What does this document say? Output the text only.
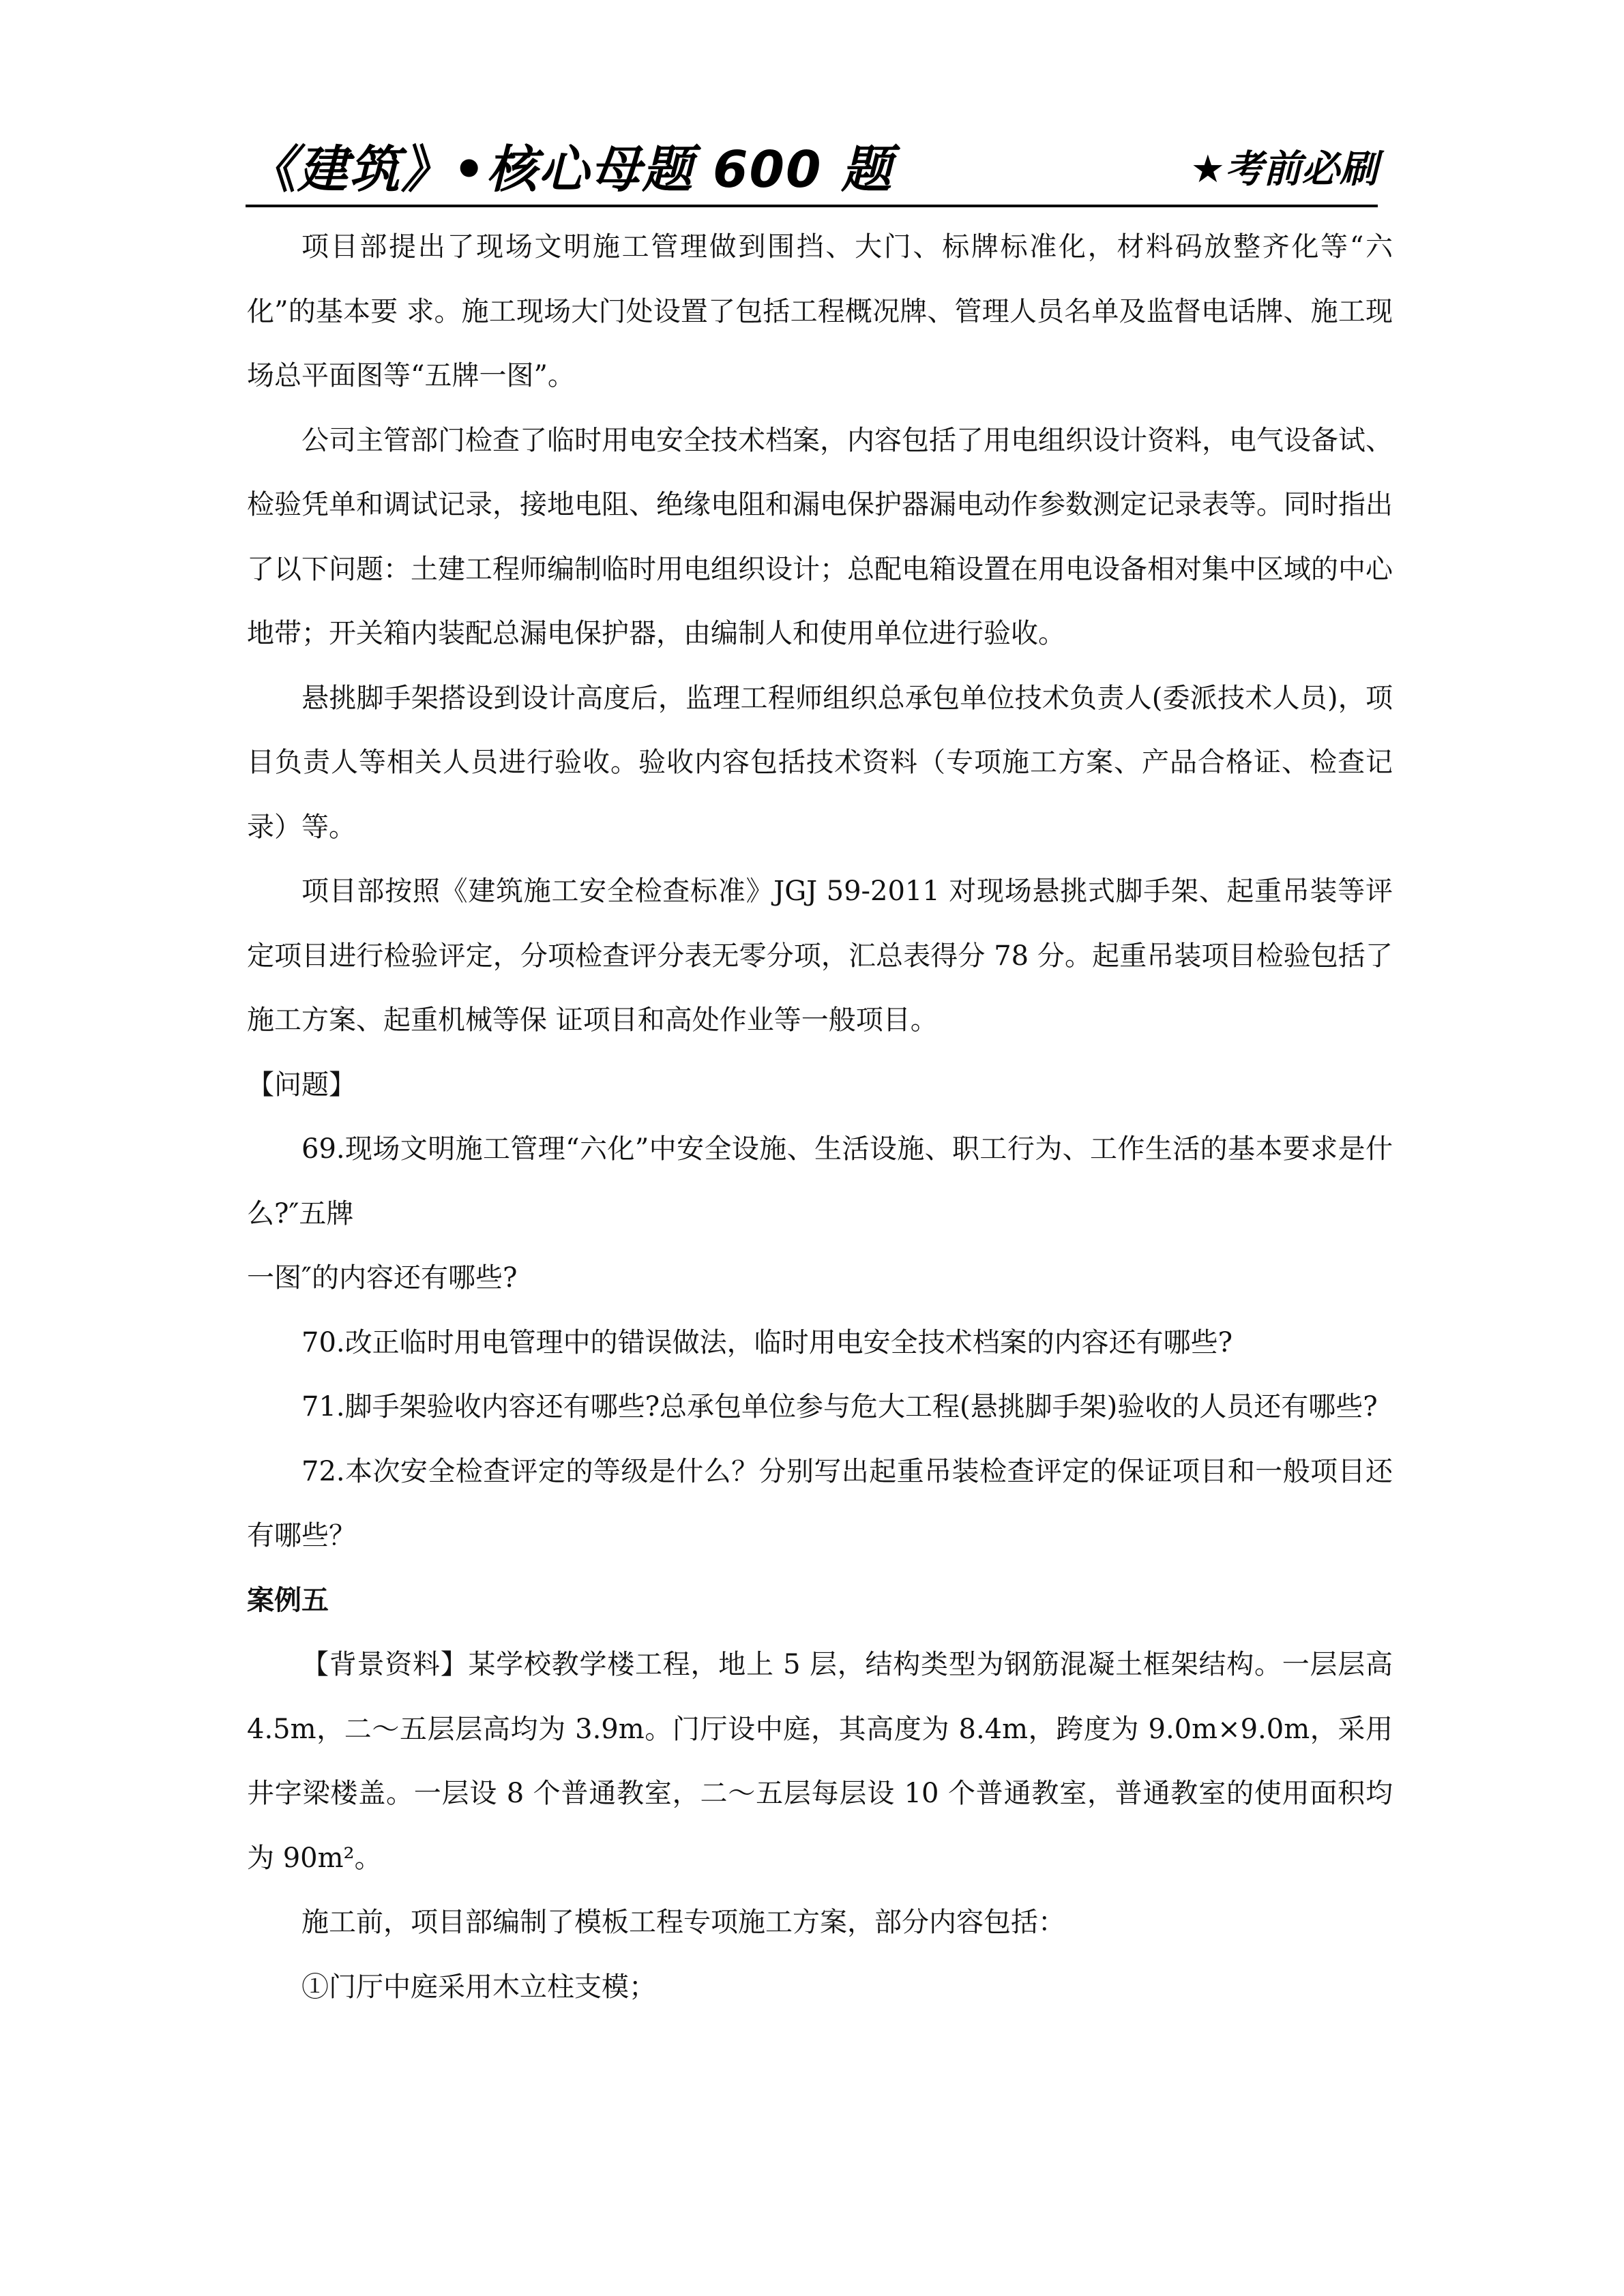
《建筑》•核心母题 600 题	★考前必刷

项目部提出了现场文明施工管理做到围挡、大门、标牌标准化，材料码放整齐化等“六化”的基本要 求。施工现场大门处设置了包括工程概况牌、管理人员名单及监督电话牌、施工现场总平面图等“五牌一图”。

公司主管部门检查了临时用电安全技术档案，内容包括了用电组织设计资料，电气设备试、检验凭单和调试记录，接地电阻、绝缘电阻和漏电保护器漏电动作参数测定记录表等。同时指出了以下问题：土建工程师编制临时用电组织设计；总配电箱设置在用电设备相对集中区域的中心地带；开关箱内装配总漏电保护器，由编制人和使用单位进行验收。

悬挑脚手架搭设到设计高度后，监理工程师组织总承包单位技术负责人(委派技术人员)，项目负责人等相关人员进行验收。验收内容包括技术资料（专项施工方案、产品合格证、检查记录）等。

项目部按照《建筑施工安全检查标准》JGJ 59-2011 对现场悬挑式脚手架、起重吊装等评定项目进行检验评定，分项检查评分表无零分项，汇总表得分 78 分。起重吊装项目检验包括了施工方案、起重机械等保 证项目和高处作业等一般项目。

【问题】

69.现场文明施工管理“六化”中安全设施、生活设施、职工行为、工作生活的基本要求是什么?″五牌

一图″的内容还有哪些?

70.改正临时用电管理中的错误做法，临时用电安全技术档案的内容还有哪些?

71.脚手架验收内容还有哪些?总承包单位参与危大工程(悬挑脚手架)验收的人员还有哪些?

72.本次安全检查评定的等级是什么？分别写出起重吊装检查评定的保证项目和一般项目还有哪些？

案例五

【背景资料】某学校教学楼工程，地上 5 层，结构类型为钢筋混凝土框架结构。一层层高 4.5m，二～五层层高均为 3.9m。门厅设中庭，其高度为 8.4m，跨度为 9.0m×9.0m，采用井字梁楼盖。一层设 8 个普通教室，二～五层每层设 10 个普通教室，普通教室的使用面积均为 90m²。

施工前，项目部编制了模板工程专项施工方案，部分内容包括：

①门厅中庭采用木立柱支模；
